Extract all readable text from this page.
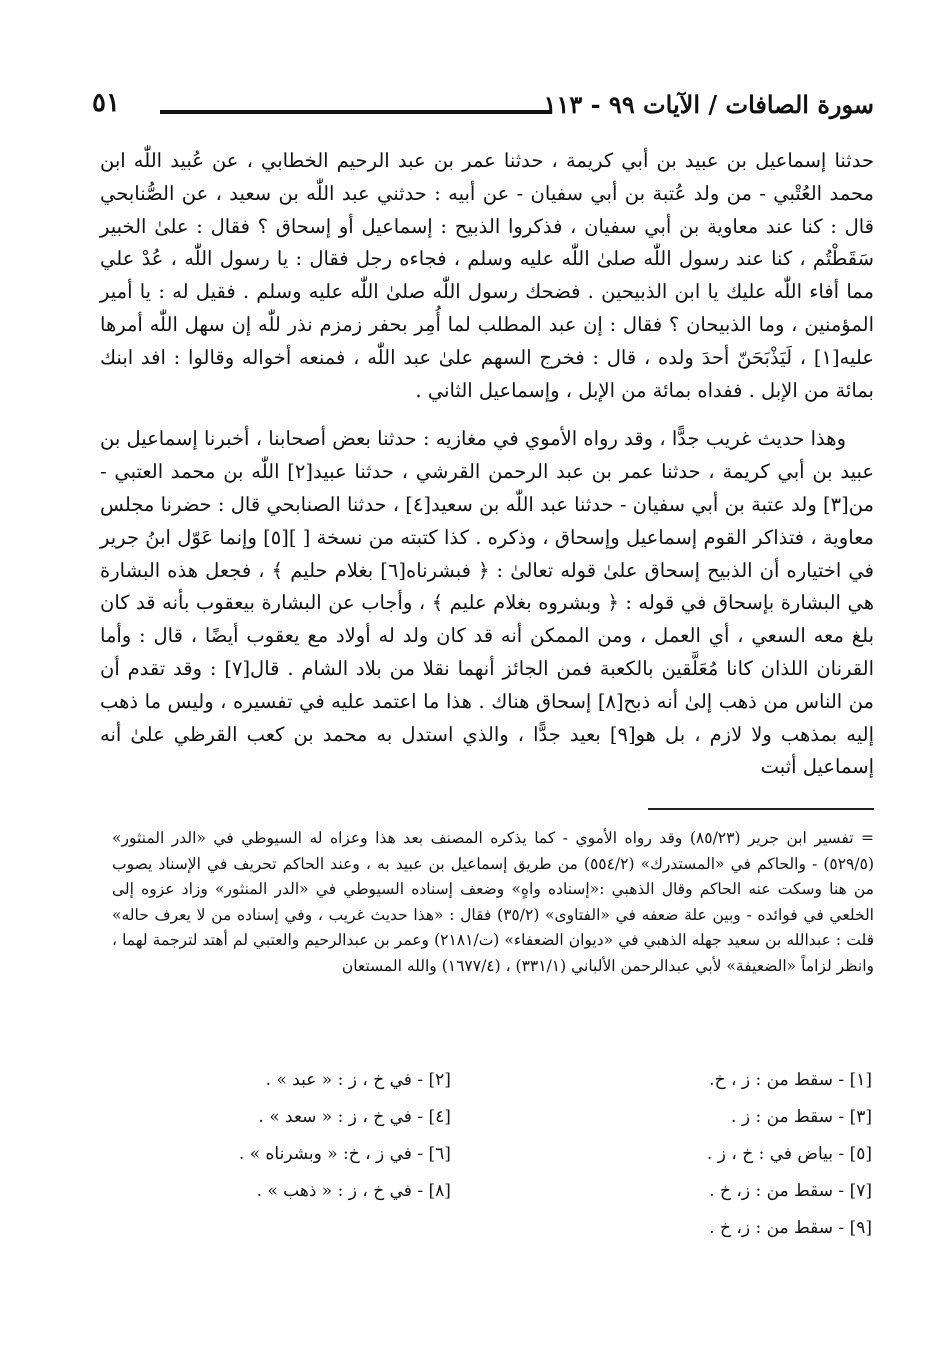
سورة الصافات / الآيات ٩٩ - ١١٣
٥١

حدثنا إسماعيل بن عبيد بن أبي كريمة ، حدثنا عمر بن عبد الرحيم الخطابي ، عن عُبيد اللّٰه ابن محمد العُتْبي - من ولد عُتبة بن أبي سفيان - عن أبيه : حدثني عبد اللّٰه بن سعيد ، عن الصُّنابحي قال : كنا عند معاوية بن أبي سفيان ، فذكروا الذبيح : إسماعيل أو إسحاق ؟ فقال : علىٰ الخبير سَقَطْتُم ، كنا عند رسول اللّٰه صلىٰ اللّٰه عليه وسلم ، فجاءه رجل فقال : يا رسول اللّٰه ، عُدْ علي مما أفاء اللّٰه عليك يا ابن الذبيحين . فضحك رسول اللّٰه صلىٰ اللّٰه عليه وسلم . فقيل له : يا أمير المؤمنين ، وما الذبيحان ؟ فقال : إن عبد المطلب لما أُمِر بحفر زمزم نذر للّٰه إن سهل اللّٰه أمرها عليه[١] ، لَيَذْبَحَنّ أحدَ ولده ، قال : فخرج السهم علىٰ عبد اللّٰه ، فمنعه أخواله وقالوا : افد ابنك بمائة من الإبل . ففداه بمائة من الإبل ، وإسماعيل الثاني .

وهذا حديث غريب جدًّا ، وقد رواه الأموي في مغازيه : حدثنا بعض أصحابنا ، أخبرنا إسماعيل بن عبيد بن أبي كريمة ، حدثنا عمر بن عبد الرحمن القرشي ، حدثنا عبيد[٢] اللّٰه بن محمد العتبي - من[٣] ولد عتبة بن أبي سفيان - حدثنا عبد اللّٰه بن سعيد[٤] ، حدثنا الصنابحي قال : حضرنا مجلس معاوية ، فتذاكر القوم إسماعيل وإسحاق ، وذكره . كذا كتبته من نسخة [ ][٥] وإنما عَوّل ابنُ جرير في اختياره أن الذبيح إسحاق علىٰ قوله تعالىٰ : ﴿ فبشرناه[٦] بغلام حليم ﴾ ، فجعل هذه البشارة هي البشارة بإسحاق في قوله : ﴿ وبشروه بغلام عليم ﴾ ، وأجاب عن البشارة بيعقوب بأنه قد كان بلغ معه السعي ، أي العمل ، ومن الممكن أنه قد كان ولد له أولاد مع يعقوب أيضًا ، قال : وأما القرنان اللذان كانا مُعَلَّقين بالكعبة فمن الجائز أنهما نقلا من بلاد الشام . قال[٧] : وقد تقدم أن من الناس من ذهب إلىٰ أنه ذبح[٨] إسحاق هناك . هذا ما اعتمد عليه في تفسيره ، وليس ما ذهب إليه بمذهب ولا لازم ، بل هو[٩] بعيد جدًّا ، والذي استدل به محمد بن كعب القرظي علىٰ أنه إسماعيل أثبت

= تفسير ابن جرير (٨٥/٢٣) وقد رواه الأموي - كما يذكره المصنف بعد هذا وعزاه له السيوطي في «الدر المنثور» (٥٢٩/٥) - والحاكم في «المستدرك» (٥٥٤/٢) من طريق إسماعيل بن عبيد به ، وعند الحاكم تحريف في الإسناد يصوب من هنا وسكت عنه الحاكم وقال الذهبي :«إسناده واهٍ» وضعف إسناده السيوطي في «الدر المنثور» وزاد عزوه إلى الخلعي في فوائده - وبين علة ضعفه في «الفتاوى» (٣٥/٢) فقال : «هذا حديث غريب ، وفي إسناده من لا يعرف حاله» قلت : عبدالله بن سعيد جهله الذهبي في «ديوان الضعفاء» (ت/٢١٨١) وعمر بن عبدالرحيم والعتبي لم أهتد لترجمة لهما ، وانظر لزاماً «الضعيفة» لأبي عبدالرحمن الألباني (٣٣١/١) ، (١٦٧٧/٤) والله المستعان

[١] - سقط من : ز ، خ.
[٣] - سقط من : ز .
[٥] - بياض في : خ ، ز .
[٧] - سقط من : ز، خ .
[٩] - سقط من : ز، خ .
[٢] - في خ ، ز : « عبد » .
[٤] - في خ ، ز : « سعد » .
[٦] - في ز ، خ: « وبشرناه » .
[٨] - في خ ، ز : « ذهب » .
